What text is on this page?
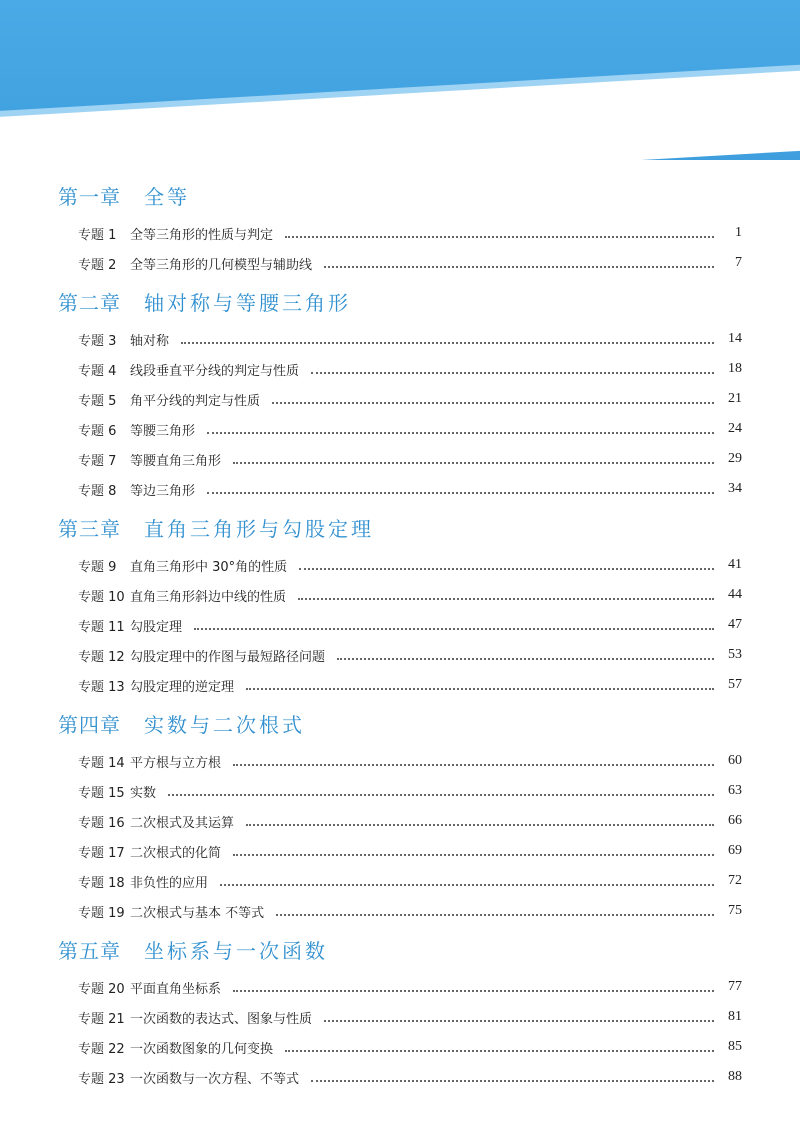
目录 CONTENTS
第一章	全等
专题 1	全等三角形的性质与判定	1
专题 2	全等三角形的几何模型与辅助线	7
第二章	轴对称与等腰三角形
专题 3	轴对称	14
专题 4	线段垂直平分线的判定与性质	18
专题 5	角平分线的判定与性质	21
专题 6	等腰三角形	24
专题 7	等腰直角三角形	29
专题 8	等边三角形	34
第三章	直角三角形与勾股定理
专题 9	直角三角形中 30°角的性质	41
专题 10 直角三角形斜边中线的性质	44
专题 11 勾股定理	47
专题 12 勾股定理中的作图与最短路径问题	53
专题 13 勾股定理的逆定理	57
第四章	实数与二次根式
专题 14 平方根与立方根	60
专题 15 实数	63
专题 16 二次根式及其运算	66
专题 17 二次根式的化简	69
专题 18 非负性的应用	72
专题 19 二次根式与基本 不等式	75
第五章	坐标系与一次函数
专题 20 平面直角坐标系	77
专题 21 一次函数的表达式、图象与性质	81
专题 22 一次函数图象的几何变换	85
专题 23 一次函数与一次方程、不等式	88
